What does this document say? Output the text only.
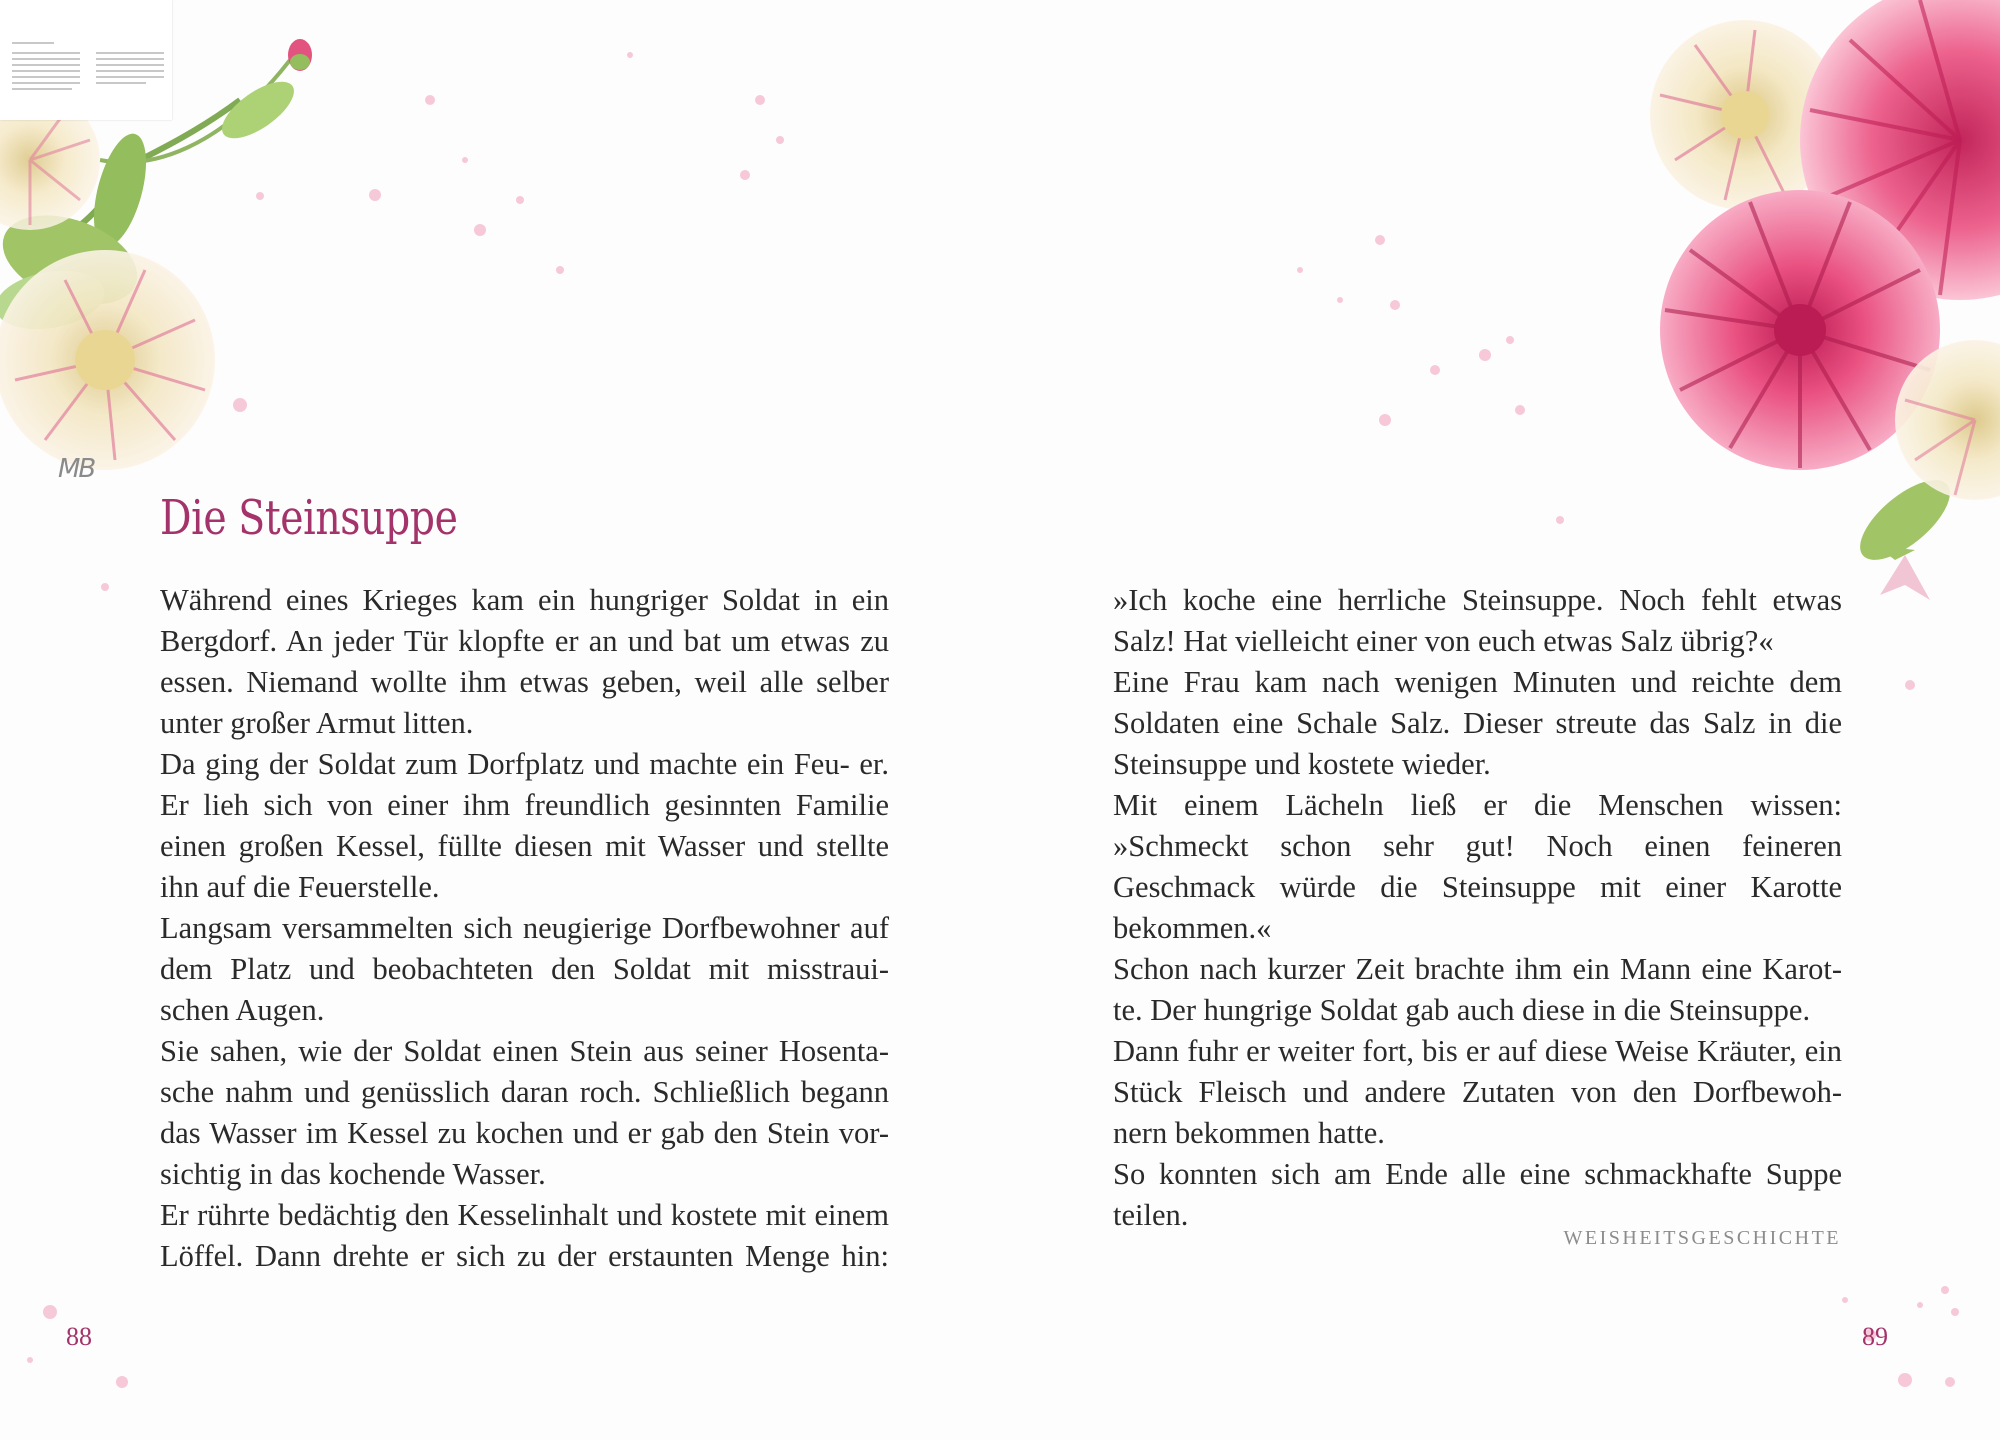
MB
Die Steinsuppe

Während eines Krieges kam ein hungriger Soldat in ein Bergdorf. An jeder Tür klopfte er an und bat um etwas zu essen. Niemand wollte ihm etwas geben, weil alle selber unter großer Armut litten.

Da ging der Soldat zum Dorfplatz und machte ein Feu- er. Er lieh sich von einer ihm freundlich gesinnten Familie einen großen Kessel, füllte diesen mit Wasser und stellte ihn auf die Feuerstelle.

Langsam versammelten sich neugierige Dorfbewohner auf dem Platz und beobachteten den Soldat mit misstraui- schen Augen.

Sie sahen, wie der Soldat einen Stein aus seiner Hosenta- sche nahm und genüsslich daran roch. Schließlich begann das Wasser im Kessel zu kochen und er gab den Stein vor- sichtig in das kochende Wasser.

Er rührte bedächtig den Kesselinhalt und kostete mit einem Löffel. Dann drehte er sich zu der erstaunten Menge hin:

»Ich koche eine herrliche Steinsuppe. Noch fehlt etwas Salz! Hat vielleicht einer von euch etwas Salz übrig?«

Eine Frau kam nach wenigen Minuten und reichte dem Soldaten eine Schale Salz. Dieser streute das Salz in die Steinsuppe und kostete wieder.

Mit einem Lächeln ließ er die Menschen wissen: »Schmeckt schon sehr gut! Noch einen feineren Geschmack würde die Steinsuppe mit einer Karotte bekommen.«

Schon nach kurzer Zeit brachte ihm ein Mann eine Karot- te. Der hungrige Soldat gab auch diese in die Steinsuppe.

Dann fuhr er weiter fort, bis er auf diese Weise Kräuter, ein Stück Fleisch und andere Zutaten von den Dorfbewoh- nern bekommen hatte.

So konnten sich am Ende alle eine schmackhafte Suppe teilen.

WEISHEITSGESCHICHTE
88	89
